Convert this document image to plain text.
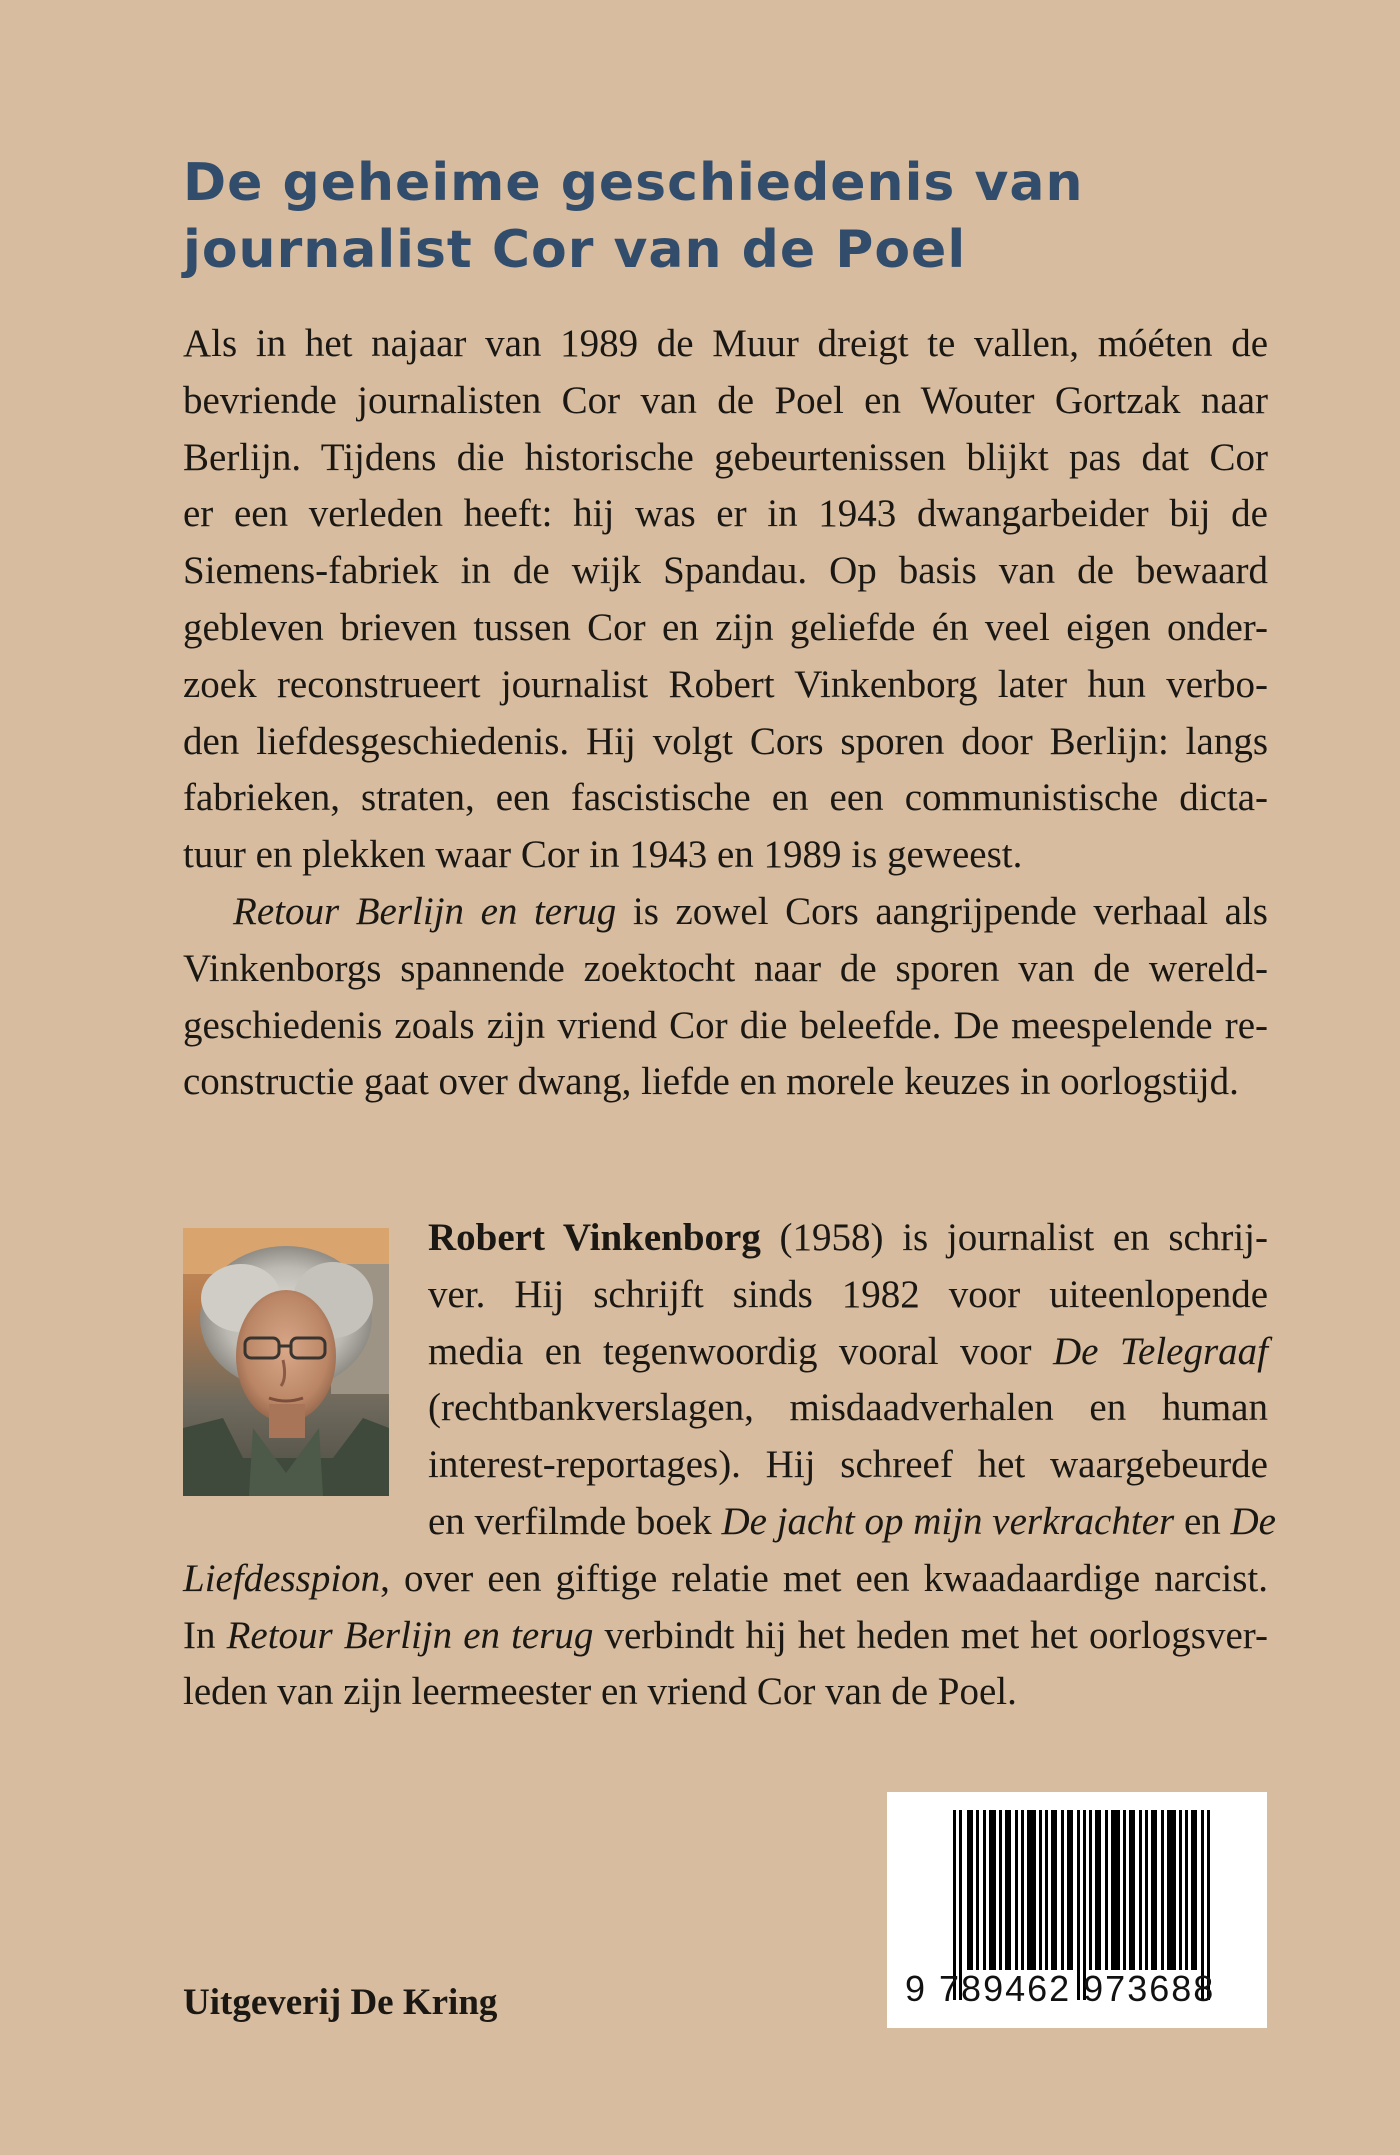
De geheime geschiedenis van
journalist Cor van de Poel

Als in het najaar van 1989 de Muur dreigt te vallen, móéten de
bevriende journalisten Cor van de Poel en Wouter Gortzak naar
Berlijn. Tijdens die historische gebeurtenissen blijkt pas dat Cor
er een verleden heeft: hij was er in 1943 dwangarbeider bij de
Siemens-fabriek in de wijk Spandau. Op basis van de bewaard
gebleven brieven tussen Cor en zijn geliefde én veel eigen onder-
zoek reconstrueert journalist Robert Vinkenborg later hun verbo-
den liefdesgeschiedenis. Hij volgt Cors sporen door Berlijn: langs
fabrieken, straten, een fascistische en een communistische dicta-
tuur en plekken waar Cor in 1943 en 1989 is geweest.

Retour Berlijn en terug is zowel Cors aangrijpende verhaal als
Vinkenborgs spannende zoektocht naar de sporen van de wereld-
geschiedenis zoals zijn vriend Cor die beleefde. De meespelende re-
constructie gaat over dwang, liefde en morele keuzes in oorlogstijd.

Robert Vinkenborg (1958) is journalist en schrij-
ver. Hij schrijft sinds 1982 voor uiteenlopende
media en tegenwoordig vooral voor De Telegraaf
(rechtbankverslagen, misdaadverhalen en human
interest-reportages). Hij schreef het waargebeurde
en verfilmde boek De jacht op mijn verkrachter en De
Liefdesspion, over een giftige relatie met een kwaadaardige narcist.
In Retour Berlijn en terug verbindt hij het heden met het oorlogsver-
leden van zijn leermeester en vriend Cor van de Poel.
Uitgeverij De Kring	9 789462 973688
